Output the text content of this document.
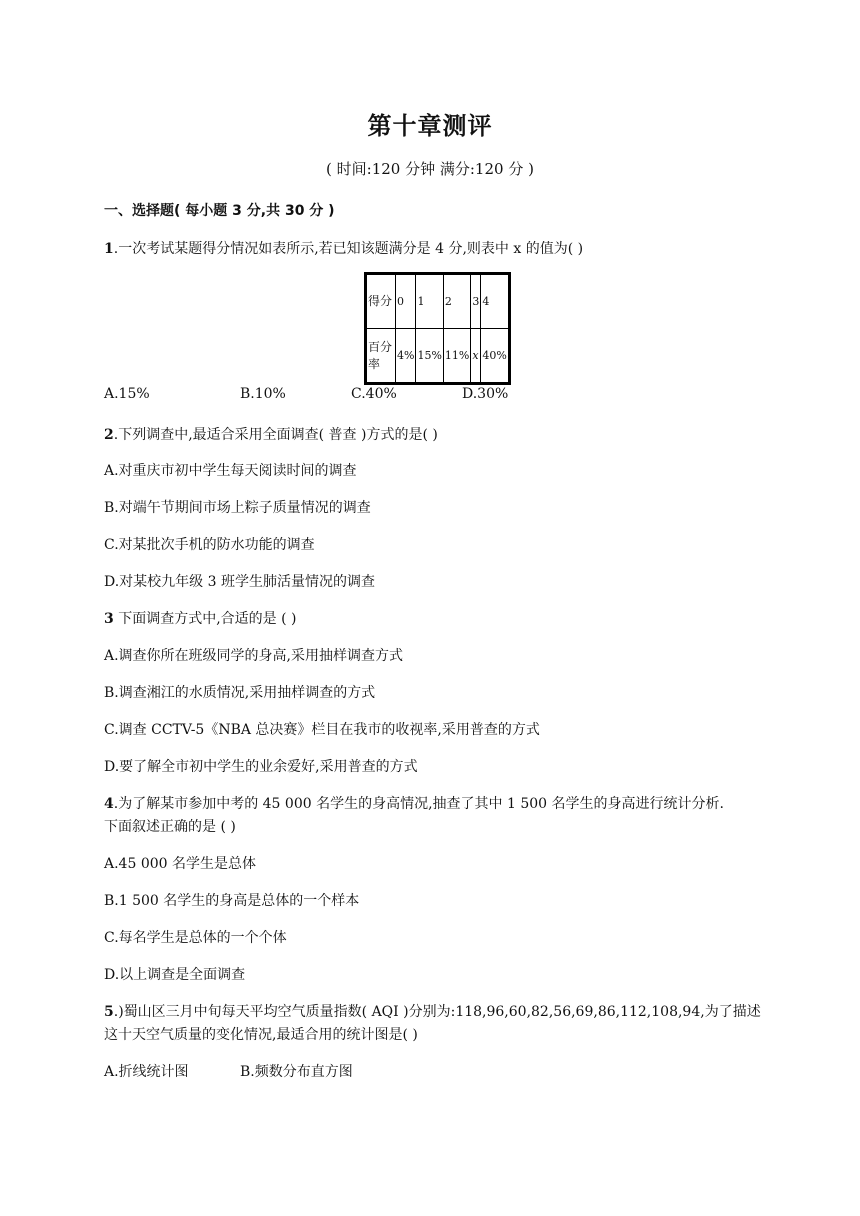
第十章测评
( 时间:120 分钟 满分:120 分 )
一、选择题( 每小题 3 分,共 30 分 )
1.一次考试某题得分情况如表所示,若已知该题满分是 4 分,则表中 x 的值为( )
得分	0	1	2	3	4
百分率	4%	15%	11%	x	40%
A.15%	B.10%	C.40%	D.30%
2.下列调查中,最适合采用全面调查( 普查 )方式的是( )
A.对重庆市初中学生每天阅读时间的调查
B.对端午节期间市场上粽子质量情况的调查
C.对某批次手机的防水功能的调查
D.对某校九年级 3 班学生肺活量情况的调查
3 下面调查方式中,合适的是 ( )
A.调查你所在班级同学的身高,采用抽样调查方式
B.调查湘江的水质情况,采用抽样调查的方式
C.调查 CCTV-5《NBA 总决赛》栏目在我市的收视率,采用普查的方式
D.要了解全市初中学生的业余爱好,采用普查的方式
4.为了解某市参加中考的 45 000 名学生的身高情况,抽查了其中 1 500 名学生的身高进行统计分析.
下面叙述正确的是 ( )
A.45 000 名学生是总体
B.1 500 名学生的身高是总体的一个样本
C.每名学生是总体的一个个体
D.以上调查是全面调查
5.)蜀山区三月中旬每天平均空气质量指数( AQI )分别为:118,96,60,82,56,69,86,112,108,94,为了描述
这十天空气质量的变化情况,最适合用的统计图是( )
A.折线统计图	B.频数分布直方图
